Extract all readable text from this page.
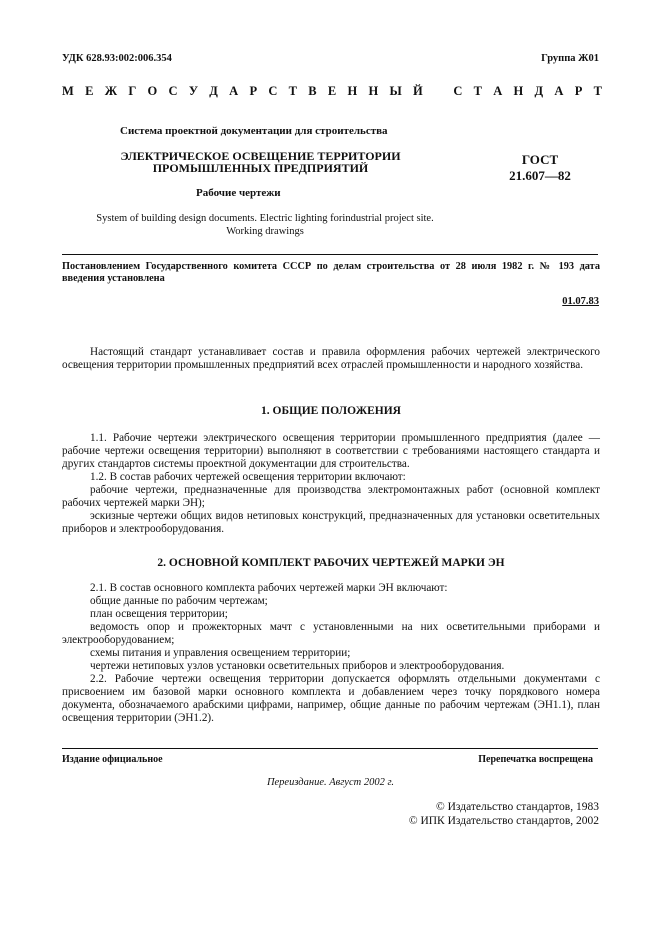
УДК 628.93:002:006.354	Группа Ж01
М Е Ж Г О С У Д А Р С Т В Е Н Н Ы Й С Т А Н Д А Р Т
Система проектной документации для строительства
ЭЛЕКТРИЧЕСКОЕ ОСВЕЩЕНИЕ ТЕРРИТОРИИ
ПРОМЫШЛЕННЫХ ПРЕДПРИЯТИЙ
ГОСТ
21.607—82
Рабочие чертежи
System of building design documents. Electric lighting forindustrial project site.
Working drawings
Постановлением Государственного комитета СССР по делам строительства от 28 июля 1982 г. № 193 дата введения установлена
01.07.83
Настоящий стандарт устанавливает состав и правила оформления рабочих чертежей электрического освещения территории промышленных предприятий всех отраслей промышленности и народного хозяйства.
1. ОБЩИЕ ПОЛОЖЕНИЯ
1.1. Рабочие чертежи электрического освещения территории промышленного предприятия (далее — рабочие чертежи освещения территории) выполняют в соответствии с требованиями настоящего стандарта и других стандартов системы проектной документации для строительства.
1.2. В состав рабочих чертежей освещения территории включают:
рабочие чертежи, предназначенные для производства электромонтажных работ (основной комплект рабочих чертежей марки ЭН);
эскизные чертежи общих видов нетиповых конструкций, предназначенных для установки осветительных приборов и электрооборудования.
2. ОСНОВНОЙ КОМПЛЕКТ РАБОЧИХ ЧЕРТЕЖЕЙ МАРКИ ЭН
2.1. В состав основного комплекта рабочих чертежей марки ЭН включают:
общие данные по рабочим чертежам;
план освещения территории;
ведомость опор и прожекторных мачт с установленными на них осветительными приборами и электрооборудованием;
схемы питания и управления освещением территории;
чертежи нетиповых узлов установки осветительных приборов и электрооборудования.
2.2. Рабочие чертежи освещения территории допускается оформлять отдельными документами с присвоением им базовой марки основного комплекта и добавлением через точку порядкового номера документа, обозначаемого арабскими цифрами, например, общие данные по рабочим чертежам (ЭН1.1), план освещения территории (ЭН1.2).
Издание официальное	Перепечатка воспрещена
Переиздание. Август 2002 г.
© Издательство стандартов, 1983
© ИПК Издательство стандартов, 2002
